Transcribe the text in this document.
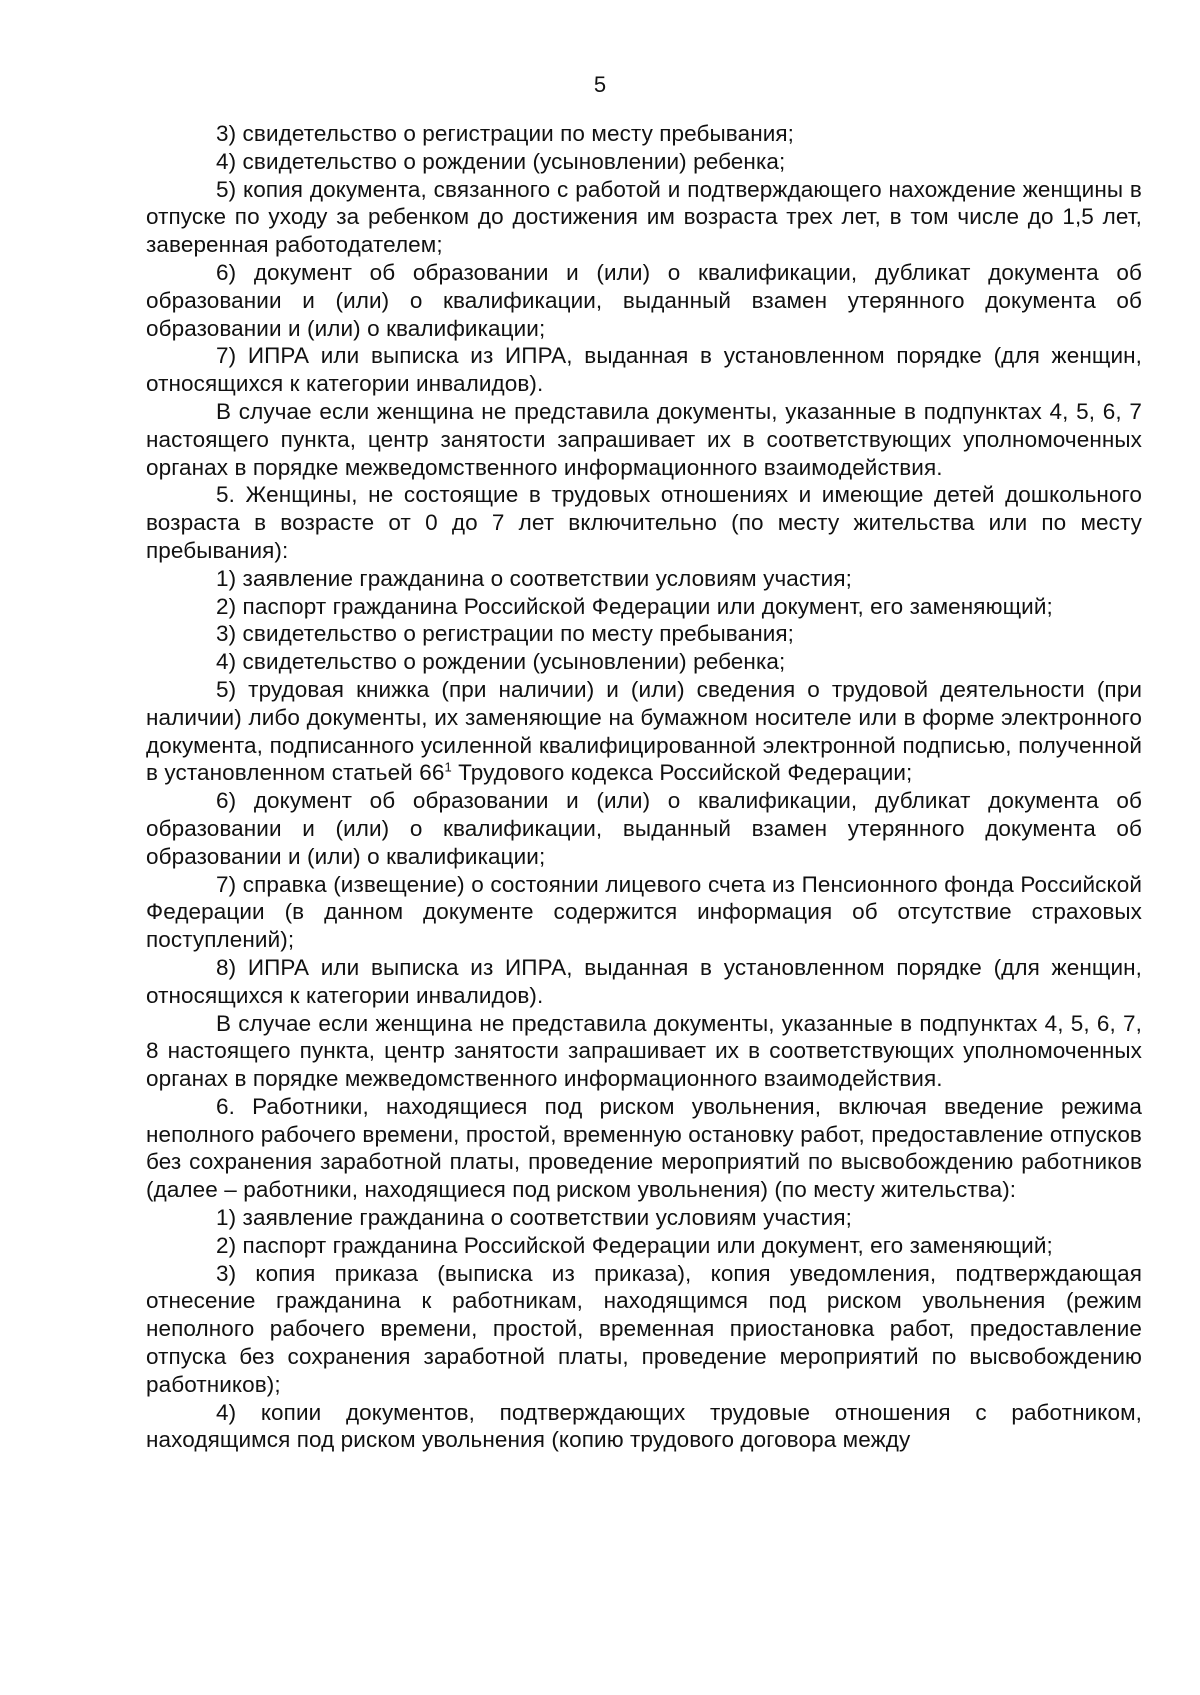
5

3) свидетельство о регистрации по месту пребывания;

4) свидетельство о рождении (усыновлении) ребенка;

5) копия документа, связанного с работой и подтверждающего нахождение женщины в отпуске по уходу за ребенком до достижения им возраста трех лет, в том числе до 1,5 лет, заверенная работодателем;

6) документ об образовании и (или) о квалификации, дубликат документа об образовании и (или) о квалификации, выданный взамен утерянного документа об образовании и (или) о квалификации;

7) ИПРА или выписка из ИПРА, выданная в установленном порядке (для женщин, относящихся к категории инвалидов).

В случае если женщина не представила документы, указанные в подпунктах 4, 5, 6, 7 настоящего пункта, центр занятости запрашивает их в соответствующих уполномоченных органах в порядке межведомственного информационного взаимодействия.

5. Женщины, не состоящие в трудовых отношениях и имеющие детей дошкольного возраста в возрасте от 0 до 7 лет включительно (по месту жительства или по месту пребывания):

1) заявление гражданина о соответствии условиям участия;

2) паспорт гражданина Российской Федерации или документ, его заменяющий;

3) свидетельство о регистрации по месту пребывания;

4) свидетельство о рождении (усыновлении) ребенка;

5) трудовая книжка (при наличии) и (или) сведения о трудовой деятельности (при наличии) либо документы, их заменяющие на бумажном носителе или в форме электронного документа, подписанного усиленной квалифицированной электронной подписью, полученной в установленном статьей $66^1$ Трудового кодекса Российской Федерации;

6) документ об образовании и (или) о квалификации, дубликат документа об образовании и (или) о квалификации, выданный взамен утерянного документа об образовании и (или) о квалификации;

7) справка (извещение) о состоянии лицевого счета из Пенсионного фонда Российской Федерации (в данном документе содержится информация об отсутствие страховых поступлений);

8) ИПРА или выписка из ИПРА, выданная в установленном порядке (для женщин, относящихся к категории инвалидов).

В случае если женщина не представила документы, указанные в подпунктах 4, 5, 6, 7, 8 настоящего пункта, центр занятости запрашивает их в соответствующих уполномоченных органах в порядке межведомственного информационного взаимодействия.

6. Работники, находящиеся под риском увольнения, включая введение режима неполного рабочего времени, простой, временную остановку работ, предоставление отпусков без сохранения заработной платы, проведение мероприятий по высвобождению работников (далее – работники, находящиеся под риском увольнения) (по месту жительства):

1) заявление гражданина о соответствии условиям участия;

2) паспорт гражданина Российской Федерации или документ, его заменяющий;

3) копия приказа (выписка из приказа), копия уведомления, подтверждающая отнесение гражданина к работникам, находящимся под риском увольнения (режим неполного рабочего времени, простой, временная приостановка работ, предоставление отпуска без сохранения заработной платы, проведение мероприятий по высвобождению работников);

4) копии документов, подтверждающих трудовые отношения с работником, находящимся под риском увольнения (копию трудового договора между
